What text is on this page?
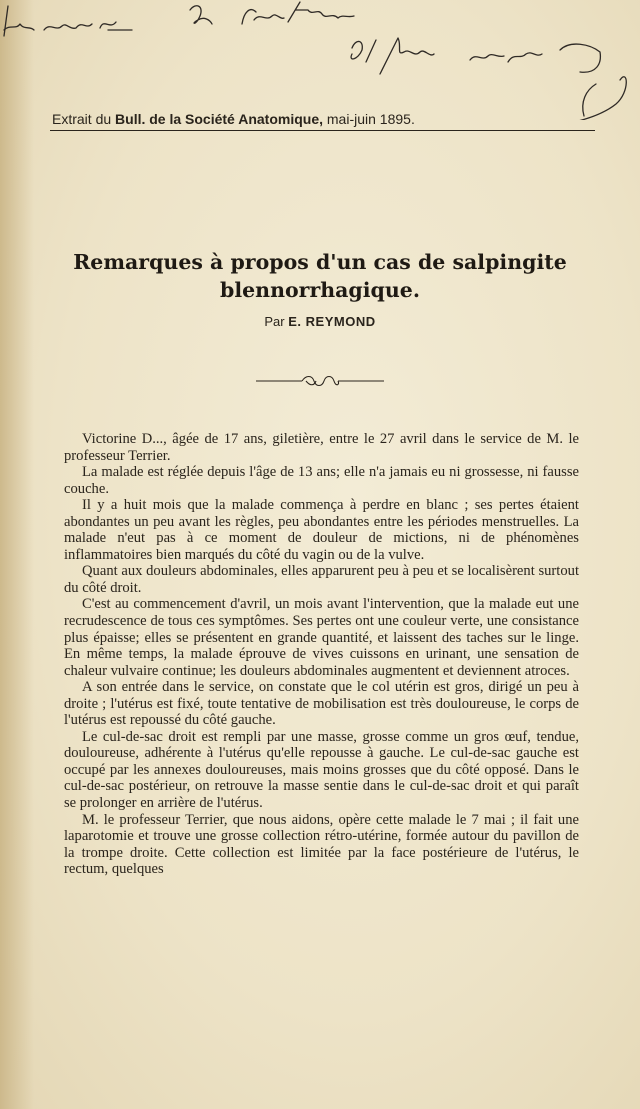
Extrait du Bull. de la Société Anatomique, mai-juin 1895.
Remarques à propos d'un cas de salpingite
blennorrhagique.
Par E. REYMOND

Victorine D..., âgée de 17 ans, giletière, entre le 27 avril dans le service de M. le professeur Terrier.

La malade est réglée depuis l'âge de 13 ans; elle n'a jamais eu ni grossesse, ni fausse couche.

Il y a huit mois que la malade commença à perdre en blanc ; ses pertes étaient abondantes un peu avant les règles, peu abondantes entre les périodes menstruelles. La malade n'eut pas à ce moment de douleur de mictions, ni de phénomènes inflammatoires bien marqués du côté du vagin ou de la vulve.

Quant aux douleurs abdominales, elles apparurent peu à peu et se localisèrent surtout du côté droit.

C'est au commencement d'avril, un mois avant l'intervention, que la malade eut une recrudescence de tous ces symptômes. Ses pertes ont une couleur verte, une consistance plus épaisse; elles se présentent en grande quantité, et laissent des taches sur le linge. En même temps, la malade éprouve de vives cuissons en urinant, une sensation de chaleur vulvaire continue; les douleurs abdominales augmentent et deviennent atroces.

A son entrée dans le service, on constate que le col utérin est gros, dirigé un peu à droite ; l'utérus est fixé, toute tentative de mobilisation est très douloureuse, le corps de l'utérus est repoussé du côté gauche.

Le cul-de-sac droit est rempli par une masse, grosse comme un gros œuf, tendue, douloureuse, adhérente à l'utérus qu'elle repousse à gauche. Le cul-de-sac gauche est occupé par les annexes douloureuses, mais moins grosses que du côté opposé. Dans le cul-de-sac postérieur, on retrouve la masse sentie dans le cul-de-sac droit et qui paraît se prolonger en arrière de l'utérus.

M. le professeur Terrier, que nous aidons, opère cette malade le 7 mai ; il fait une laparotomie et trouve une grosse collection rétro-utérine, formée autour du pavillon de la trompe droite. Cette collection est limitée par la face postérieure de l'utérus, le rectum, quelques
